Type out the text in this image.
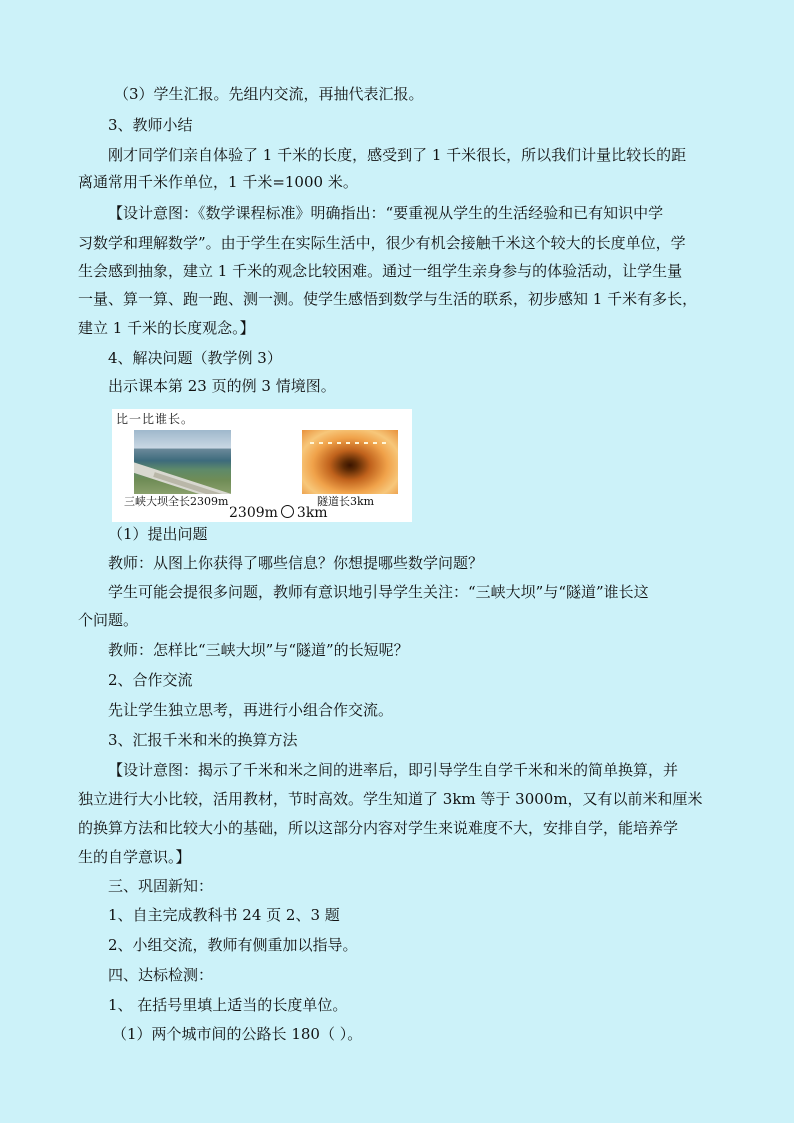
（3）学生汇报。先组内交流，再抽代表汇报。
3、教师小结
刚才同学们亲自体验了 1 千米的长度，感受到了 1 千米很长，所以我们计量比较长的距
离通常用千米作单位，1 千米=1000 米。
【设计意图：《数学课程标准》明确指出：“要重视从学生的生活经验和已有知识中学
习数学和理解数学”。由于学生在实际生活中，很少有机会接触千米这个较大的长度单位，学
生会感到抽象，建立 1 千米的观念比较困难。通过一组学生亲身参与的体验活动，让学生量
一量、算一算、跑一跑、测一测。使学生感悟到数学与生活的联系，初步感知 1 千米有多长，
建立 1 千米的长度观念。】
4、解决问题（教学例 3）
出示课本第 23 页的例 3 情境图。
比一比谁长。
三峡大坝全长2309m	隧道长3km
2309m 3km
（1）提出问题
教师：从图上你获得了哪些信息？你想提哪些数学问题？
学生可能会提很多问题，教师有意识地引导学生关注：“三峡大坝”与“隧道”谁长这
个问题。
教师：怎样比“三峡大坝”与“隧道”的长短呢？
2、合作交流
先让学生独立思考，再进行小组合作交流。
3、汇报千米和米的换算方法
【设计意图：揭示了千米和米之间的进率后，即引导学生自学千米和米的简单换算，并
独立进行大小比较，活用教材，节时高效。学生知道了 3km 等于 3000m，又有以前米和厘米
的换算方法和比较大小的基础，所以这部分内容对学生来说难度不大，安排自学，能培养学
生的自学意识。】
三、巩固新知：
1、自主完成教科书 24 页 2、3 题
2、小组交流，教师有侧重加以指导。
四、达标检测：
1、 在括号里填上适当的长度单位。
（1）两个城市间的公路长 180（ ）。
